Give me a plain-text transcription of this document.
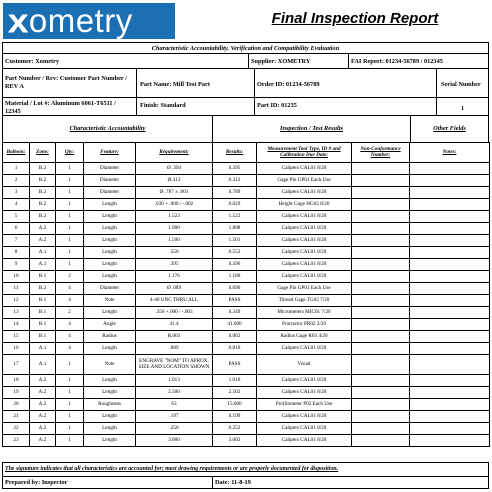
xometry	Final Inspection Report
Characteristic Accountability, Verification and Compatibility Evaluation
Customer: Xometry	Supplier: XOMETRY	FAI Report: 01234-56789 / 012345
Part Number / Rev: Customer Part Number / REV A	Part Name: Mill Test Part	Order ID: 01234-56789	Serial Number
Material / Lot #: Aluminum 6061-T6511 / 12345
Finish: Standard	Part ID: 01235	1
Characteristic Accountability	Inspection / Test Results	Other Fields
Balloon:	Zone:	Qty:	Feature:	Requirement:	Results:	Measurement Tool Type, ID # and Calibration Due Date:	Non-Conformance Number:	Notes:
1	B.2	1	Diameter	Ø .394	0.395	Calipers CAL01 8/20		
2	B.2	1	Diameter	Ø.313	0.312	Gage Pin GP01 Each Use		
3	B.2	1	Diameter	Ø .787 ± .001	0.789	Calipers CAL01 8/20		
4	B.2	1	Length	.030 + .000 / -.002	0.029	Height Gage HG02 8/20		
5	B.2	1	Length	1.523	1.522	Calipers CAL01 8/20		
6	A.2	1	Length	1.900	1.898	Calipers CAL01 8/20		
7	A.2	1	Length	1.500	1.501	Calipers CAL01 8/20		
8	A.1	1	Length	.550	0.552	Calipers CAL01 8/20		
9	A.1	1	Length	.395	0.396	Calipers CAL01 8/20		
10	B.1	2	Length	1.176	1.180	Calipers CAL01 8/20		
11	B.2	4	Diameter	Ø .089	0.090	Gage Pin GP01 Each Use		
12	B.1	4	Note	4-40 UNC THRU ALL	PASS	Thread Gage TG02 7/20		
13	B.1	2	Length	.350 +.000 / -.003	0.349	Micrometers MIC01 7/20		
14	B.1	4	Angle	41.4	41.000	Protractor PR02 2/20		
15	B.1	4	Radius	R.063	0.062	Radius Gage R03 4/20		
16	A.1	4	Length	.809	0.810	Calipers CAL01 8/20		
17	A.1	1	Note	ENGRAVE "NOM" TO APROX. SIZE AND LOCATION SHOWN	PASS	Visual		
18	A.2	1	Length	1.013	1.010	Calipers CAL01 8/20		
19	A.2	1	Length	2.500	2.502	Calipers CAL01 8/20		
20	A.2	1	Roughness	63	15.000	Profilometer P02 Each Use		
21	A.2	1	Length	.197	0.199	Calipers CAL01 8/20		
22	A.2	1	Length	.250	0.252	Calipers CAL01 8/20		
23	A.2	1	Length	3.000	3.002	Calipers CAL01 8/20		
The signature indicates that all characteristics are accounted for; meet drawing requirements or are properly documented for disposition.
Prepared by: Inspector	Date: 11-8-19
